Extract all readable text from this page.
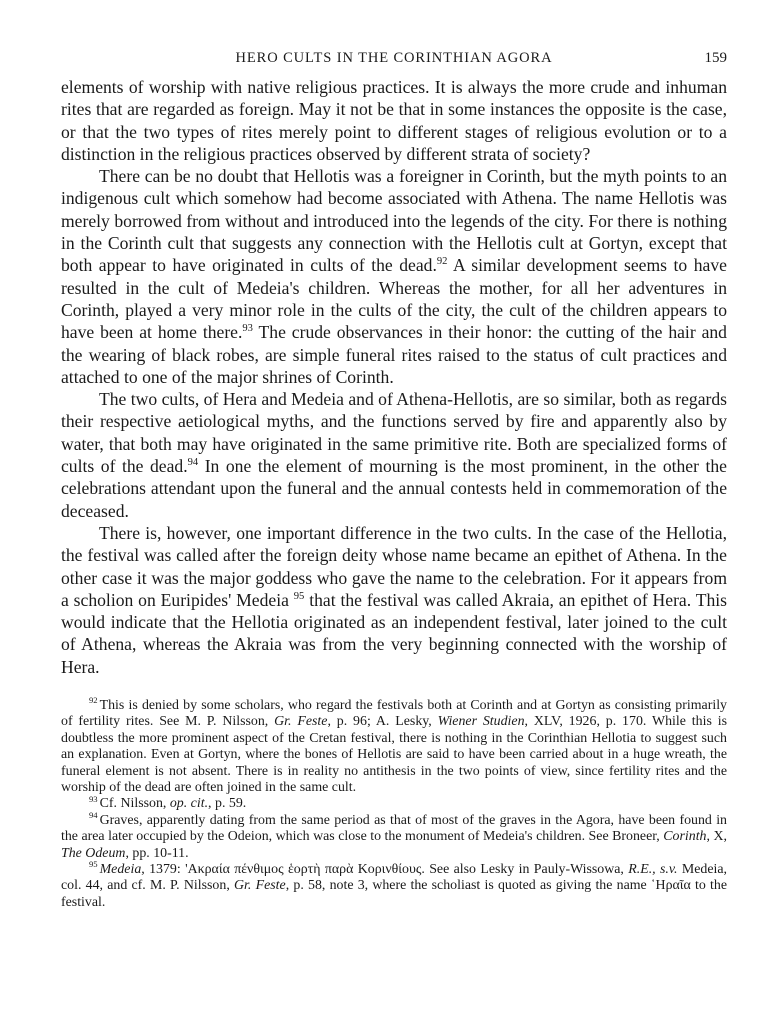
HERO CULTS IN THE CORINTHIAN AGORA	159

elements of worship with native religious practices. It is always the more crude and inhuman rites that are regarded as foreign. May it not be that in some instances the opposite is the case, or that the two types of rites merely point to different stages of religious evolution or to a distinction in the religious practices observed by different strata of society?

There can be no doubt that Hellotis was a foreigner in Corinth, but the myth points to an indigenous cult which somehow had become associated with Athena. The name Hellotis was merely borrowed from without and introduced into the legends of the city. For there is nothing in the Corinth cult that suggests any connection with the Hellotis cult at Gortyn, except that both appear to have originated in cults of the dead.$^{92}$ A similar development seems to have resulted in the cult of Medeia's children. Whereas the mother, for all her adventures in Corinth, played a very minor role in the cults of the city, the cult of the children appears to have been at home there.$^{93}$ The crude observances in their honor: the cutting of the hair and the wearing of black robes, are simple funeral rites raised to the status of cult practices and attached to one of the major shrines of Corinth.

The two cults, of Hera and Medeia and of Athena-Hellotis, are so similar, both as regards their respective aetiological myths, and the functions served by fire and apparently also by water, that both may have originated in the same primitive rite. Both are specialized forms of cults of the dead.$^{94}$ In one the element of mourning is the most prominent, in the other the celebrations attendant upon the funeral and the annual contests held in commemoration of the deceased.

There is, however, one important difference in the two cults. In the case of the Hellotia, the festival was called after the foreign deity whose name became an epithet of Athena. In the other case it was the major goddess who gave the name to the celebration. For it appears from a scholion on Euripides' Medeia $^{95}$ that the festival was called Akraia, an epithet of Hera. This would indicate that the Hellotia originated as an independent festival, later joined to the cult of Athena, whereas the Akraia was from the very beginning connected with the worship of Hera.

$^{92}$ This is denied by some scholars, who regard the festivals both at Corinth and at Gortyn as consisting primarily of fertility rites. See M. P. Nilsson, Gr. Feste, p. 96; A. Lesky, Wiener Studien, XLV, 1926, p. 170. While this is doubtless the more prominent aspect of the Cretan festival, there is nothing in the Corinthian Hellotia to suggest such an explanation. Even at Gortyn, where the bones of Hellotis are said to have been carried about in a huge wreath, the funeral element is not absent. There is in reality no antithesis in the two points of view, since fertility rites and the worship of the dead are often joined in the same cult.

$^{93}$ Cf. Nilsson, op. cit., p. 59.

$^{94}$ Graves, apparently dating from the same period as that of most of the graves in the Agora, have been found in the area later occupied by the Odeion, which was close to the monument of Medeia's children. See Broneer, Corinth, X, The Odeum, pp. 10-11.

$^{95}$ Medeia, 1379: 'Ακραία πένθιμος ἑορτὴ παρὰ Κορινθίους. See also Lesky in Pauly-Wissowa, R.E., s.v. Medeia, col. 44, and cf. M. P. Nilsson, Gr. Feste, p. 58, note 3, where the scholiast is quoted as giving the name ῾Ηραῖα to the festival.
